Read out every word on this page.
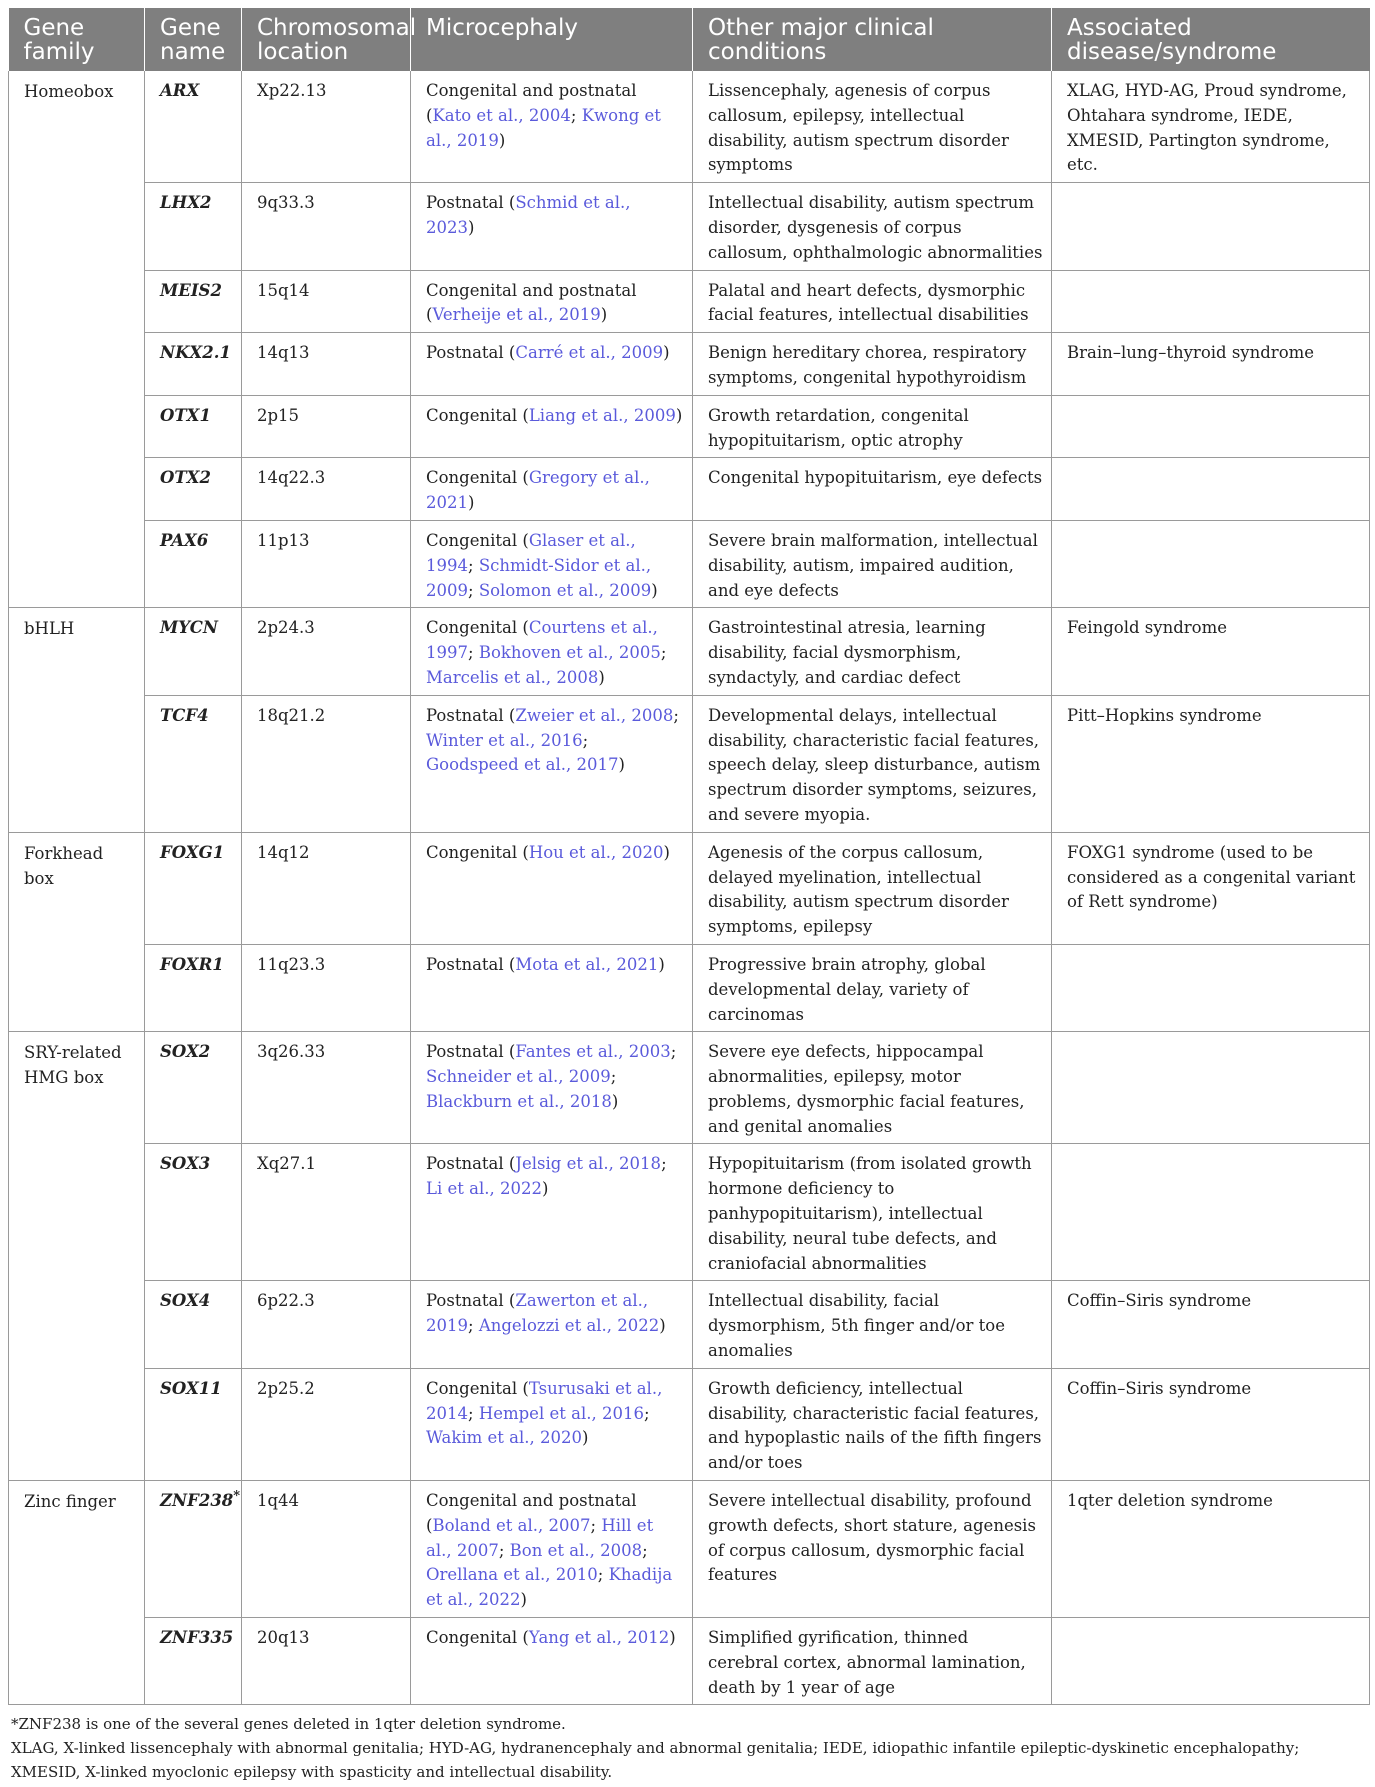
Gene family	Gene name	Chromosomal location	Microcephaly	Other major clinical conditions	Associated disease/syndrome
Homeobox	ARX	Xp22.13	Congenital and postnatal (Kato et al., 2004; Kwong et al., 2019)	Lissencephaly, agenesis of corpus callosum, epilepsy, intellectual disability, autism spectrum disorder symptoms	XLAG, HYD-AG, Proud syndrome, Ohtahara syndrome, IEDE, XMESID, Partington syndrome, etc.
	LHX2	9q33.3	Postnatal (Schmid et al., 2023)	Intellectual disability, autism spectrum disorder, dysgenesis of corpus callosum, ophthalmologic abnormalities	
	MEIS2	15q14	Congenital and postnatal (Verheije et al., 2019)	Palatal and heart defects, dysmorphic facial features, intellectual disabilities	
	NKX2.1	14q13	Postnatal (Carré et al., 2009)	Benign hereditary chorea, respiratory symptoms, congenital hypothyroidism	Brain–lung–thyroid syndrome
	OTX1	2p15	Congenital (Liang et al., 2009)	Growth retardation, congenital hypopituitarism, optic atrophy	
	OTX2	14q22.3	Congenital (Gregory et al., 2021)	Congenital hypopituitarism, eye defects	
	PAX6	11p13	Congenital (Glaser et al., 1994; Schmidt-Sidor et al., 2009; Solomon et al., 2009)	Severe brain malformation, intellectual disability, autism, impaired audition, and eye defects	
bHLH	MYCN	2p24.3	Congenital (Courtens et al., 1997; Bokhoven et al., 2005; Marcelis et al., 2008)	Gastrointestinal atresia, learning disability, facial dysmorphism, syndactyly, and cardiac defect	Feingold syndrome
	TCF4	18q21.2	Postnatal (Zweier et al., 2008; Winter et al., 2016; Goodspeed et al., 2017)	Developmental delays, intellectual disability, characteristic facial features, speech delay, sleep disturbance, autism spectrum disorder symptoms, seizures, and severe myopia.	Pitt–Hopkins syndrome
Forkhead box	FOXG1	14q12	Congenital (Hou et al., 2020)	Agenesis of the corpus callosum, delayed myelination, intellectual disability, autism spectrum disorder symptoms, epilepsy	FOXG1 syndrome (used to be considered as a congenital variant of Rett syndrome)
	FOXR1	11q23.3	Postnatal (Mota et al., 2021)	Progressive brain atrophy, global developmental delay, variety of carcinomas	
SRY-related HMG box	SOX2	3q26.33	Postnatal (Fantes et al., 2003; Schneider et al., 2009; Blackburn et al., 2018)	Severe eye defects, hippocampal abnormalities, epilepsy, motor problems, dysmorphic facial features, and genital anomalies	
	SOX3	Xq27.1	Postnatal (Jelsig et al., 2018; Li et al., 2022)	Hypopituitarism (from isolated growth hormone deficiency to panhypopituitarism), intellectual disability, neural tube defects, and craniofacial abnormalities	
	SOX4	6p22.3	Postnatal (Zawerton et al., 2019; Angelozzi et al., 2022)	Intellectual disability, facial dysmorphism, 5th finger and/or toe anomalies	Coffin–Siris syndrome
	SOX11	2p25.2	Congenital (Tsurusaki et al., 2014; Hempel et al., 2016; Wakim et al., 2020)	Growth deficiency, intellectual disability, characteristic facial features, and hypoplastic nails of the fifth fingers and/or toes	Coffin–Siris syndrome
Zinc finger	ZNF238*	1q44	Congenital and postnatal (Boland et al., 2007; Hill et al., 2007; Bon et al., 2008; Orellana et al., 2010; Khadija et al., 2022)	Severe intellectual disability, profound growth defects, short stature, agenesis of corpus callosum, dysmorphic facial features	1qter deletion syndrome
	ZNF335	20q13	Congenital (Yang et al., 2012)	Simplified gyrification, thinned cerebral cortex, abnormal lamination, death by 1 year of age	
*ZNF238 is one of the several genes deleted in 1qter deletion syndrome.
XLAG, X-linked lissencephaly with abnormal genitalia; HYD-AG, hydranencephaly and abnormal genitalia; IEDE, idiopathic infantile epileptic-dyskinetic encephalopathy; XMESID, X-linked myoclonic epilepsy with spasticity and intellectual disability.
